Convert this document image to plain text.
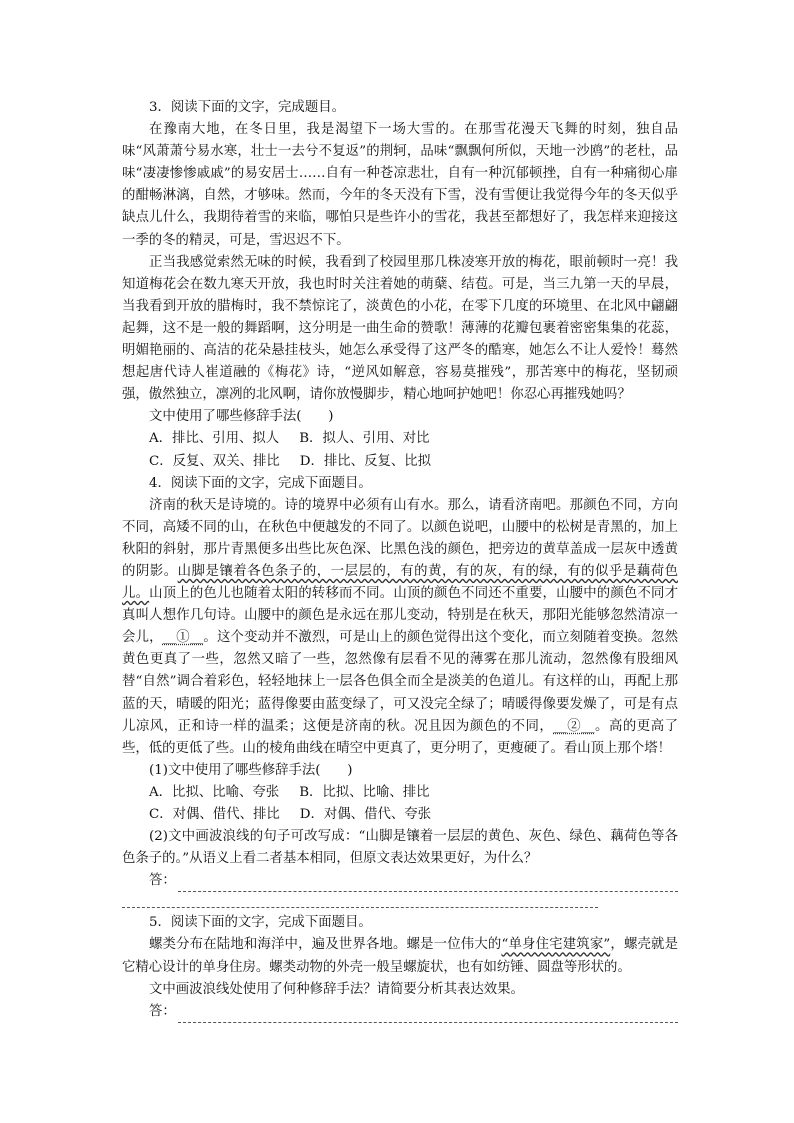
3．阅读下面的文字，完成题目。

在豫南大地，在冬日里，我是渴望下一场大雪的。在那雪花漫天飞舞的时刻，独自品味“风萧萧兮易水寒，壮士一去兮不复返”的荆轲，品味“飘飘何所似，天地一沙鸥”的老杜，品味“凄凄惨惨戚戚”的易安居士……自有一种苍凉悲壮，自有一种沉郁顿挫，自有一种痛彻心扉的酣畅淋漓，自然，才够味。然而，今年的冬天没有下雪，没有雪便让我觉得今年的冬天似乎缺点儿什么，我期待着雪的来临，哪怕只是些许小的雪花，我甚至都想好了，我怎样来迎接这一季的冬的精灵，可是，雪迟迟不下。

正当我感觉索然无味的时候，我看到了校园里那几株凌寒开放的梅花，眼前顿时一亮！我知道梅花会在数九寒天开放，我也时时关注着她的萌蘖、结苞。可是，当三九第一天的早晨，当我看到开放的腊梅时，我不禁惊诧了，淡黄色的小花，在零下几度的环境里、在北风中翩翩起舞，这不是一般的舞蹈啊，这分明是一曲生命的赞歌！薄薄的花瓣包裹着密密集集的花蕊，明媚艳丽的、高洁的花朵悬挂枝头，她怎么承受得了这严冬的酷寒，她怎么不让人爱怜！蓦然想起唐代诗人崔道融的《梅花》诗，“逆风如解意，容易莫摧残”，那苦寒中的梅花，坚韧顽强，傲然独立，凛冽的北风啊，请你放慢脚步，精心地呵护她吧！你忍心再摧残她吗？

文中使用了哪些修辞手法(　　)

A．排比、引用、拟人 B．拟人、引用、对比

C．反复、双关、排比 D．排比、反复、比拟

4．阅读下面的文字，完成下面题目。

济南的秋天是诗境的。诗的境界中必须有山有水。那么，请看济南吧。那颜色不同，方向不同，高矮不同的山，在秋色中便越发的不同了。以颜色说吧，山腰中的松树是青黑的，加上秋阳的斜射，那片青黑便多出些比灰色深、比黑色浅的颜色，把旁边的黄草盖成一层灰中透黄的阴影。山脚是镶着各色条子的，一层层的，有的黄，有的灰，有的绿，有的似乎是藕荷色儿。山顶上的色儿也随着太阳的转移而不同。山顶的颜色不同还不重要，山腰中的颜色不同才真叫人想作几句诗。山腰中的颜色是永远在那儿变动，特别是在秋天，那阳光能够忽然清凉一会儿，__①__。这个变动并不激烈，可是山上的颜色觉得出这个变化，而立刻随着变换。忽然黄色更真了一些，忽然又暗了一些，忽然像有层看不见的薄雾在那儿流动，忽然像有股细风替“自然”调合着彩色，轻轻地抹上一层各色俱全而全是淡美的色道儿。有这样的山，再配上那蓝的天，晴暖的阳光；蓝得像要由蓝变绿了，可又没完全绿了；晴暖得像要发燥了，可是有点儿凉风，正和诗一样的温柔；这便是济南的秋。况且因为颜色的不同，__②__。高的更高了些，低的更低了些。山的棱角曲线在晴空中更真了，更分明了，更瘦硬了。看山顶上那个塔！

(1)文中使用了哪些修辞手法(　　)

A．比拟、比喻、夸张 B．比拟、比喻、排比

C．对偶、借代、排比 D．对偶、借代、夸张

(2)文中画波浪线的句子可改写成：“山脚是镶着一层层的黄色、灰色、绿色、藕荷色等各色条子的。”从语义上看二者基本相同，但原文表达效果更好，为什么？

答：

5．阅读下面的文字，完成下面题目。

螺类分布在陆地和海洋中，遍及世界各地。螺是一位伟大的“单身住宅建筑家”，螺壳就是它精心设计的单身住房。螺类动物的外壳一般呈螺旋状，也有如纺锤、圆盘等形状的。

文中画波浪线处使用了何种修辞手法？请简要分析其表达效果。

答：
